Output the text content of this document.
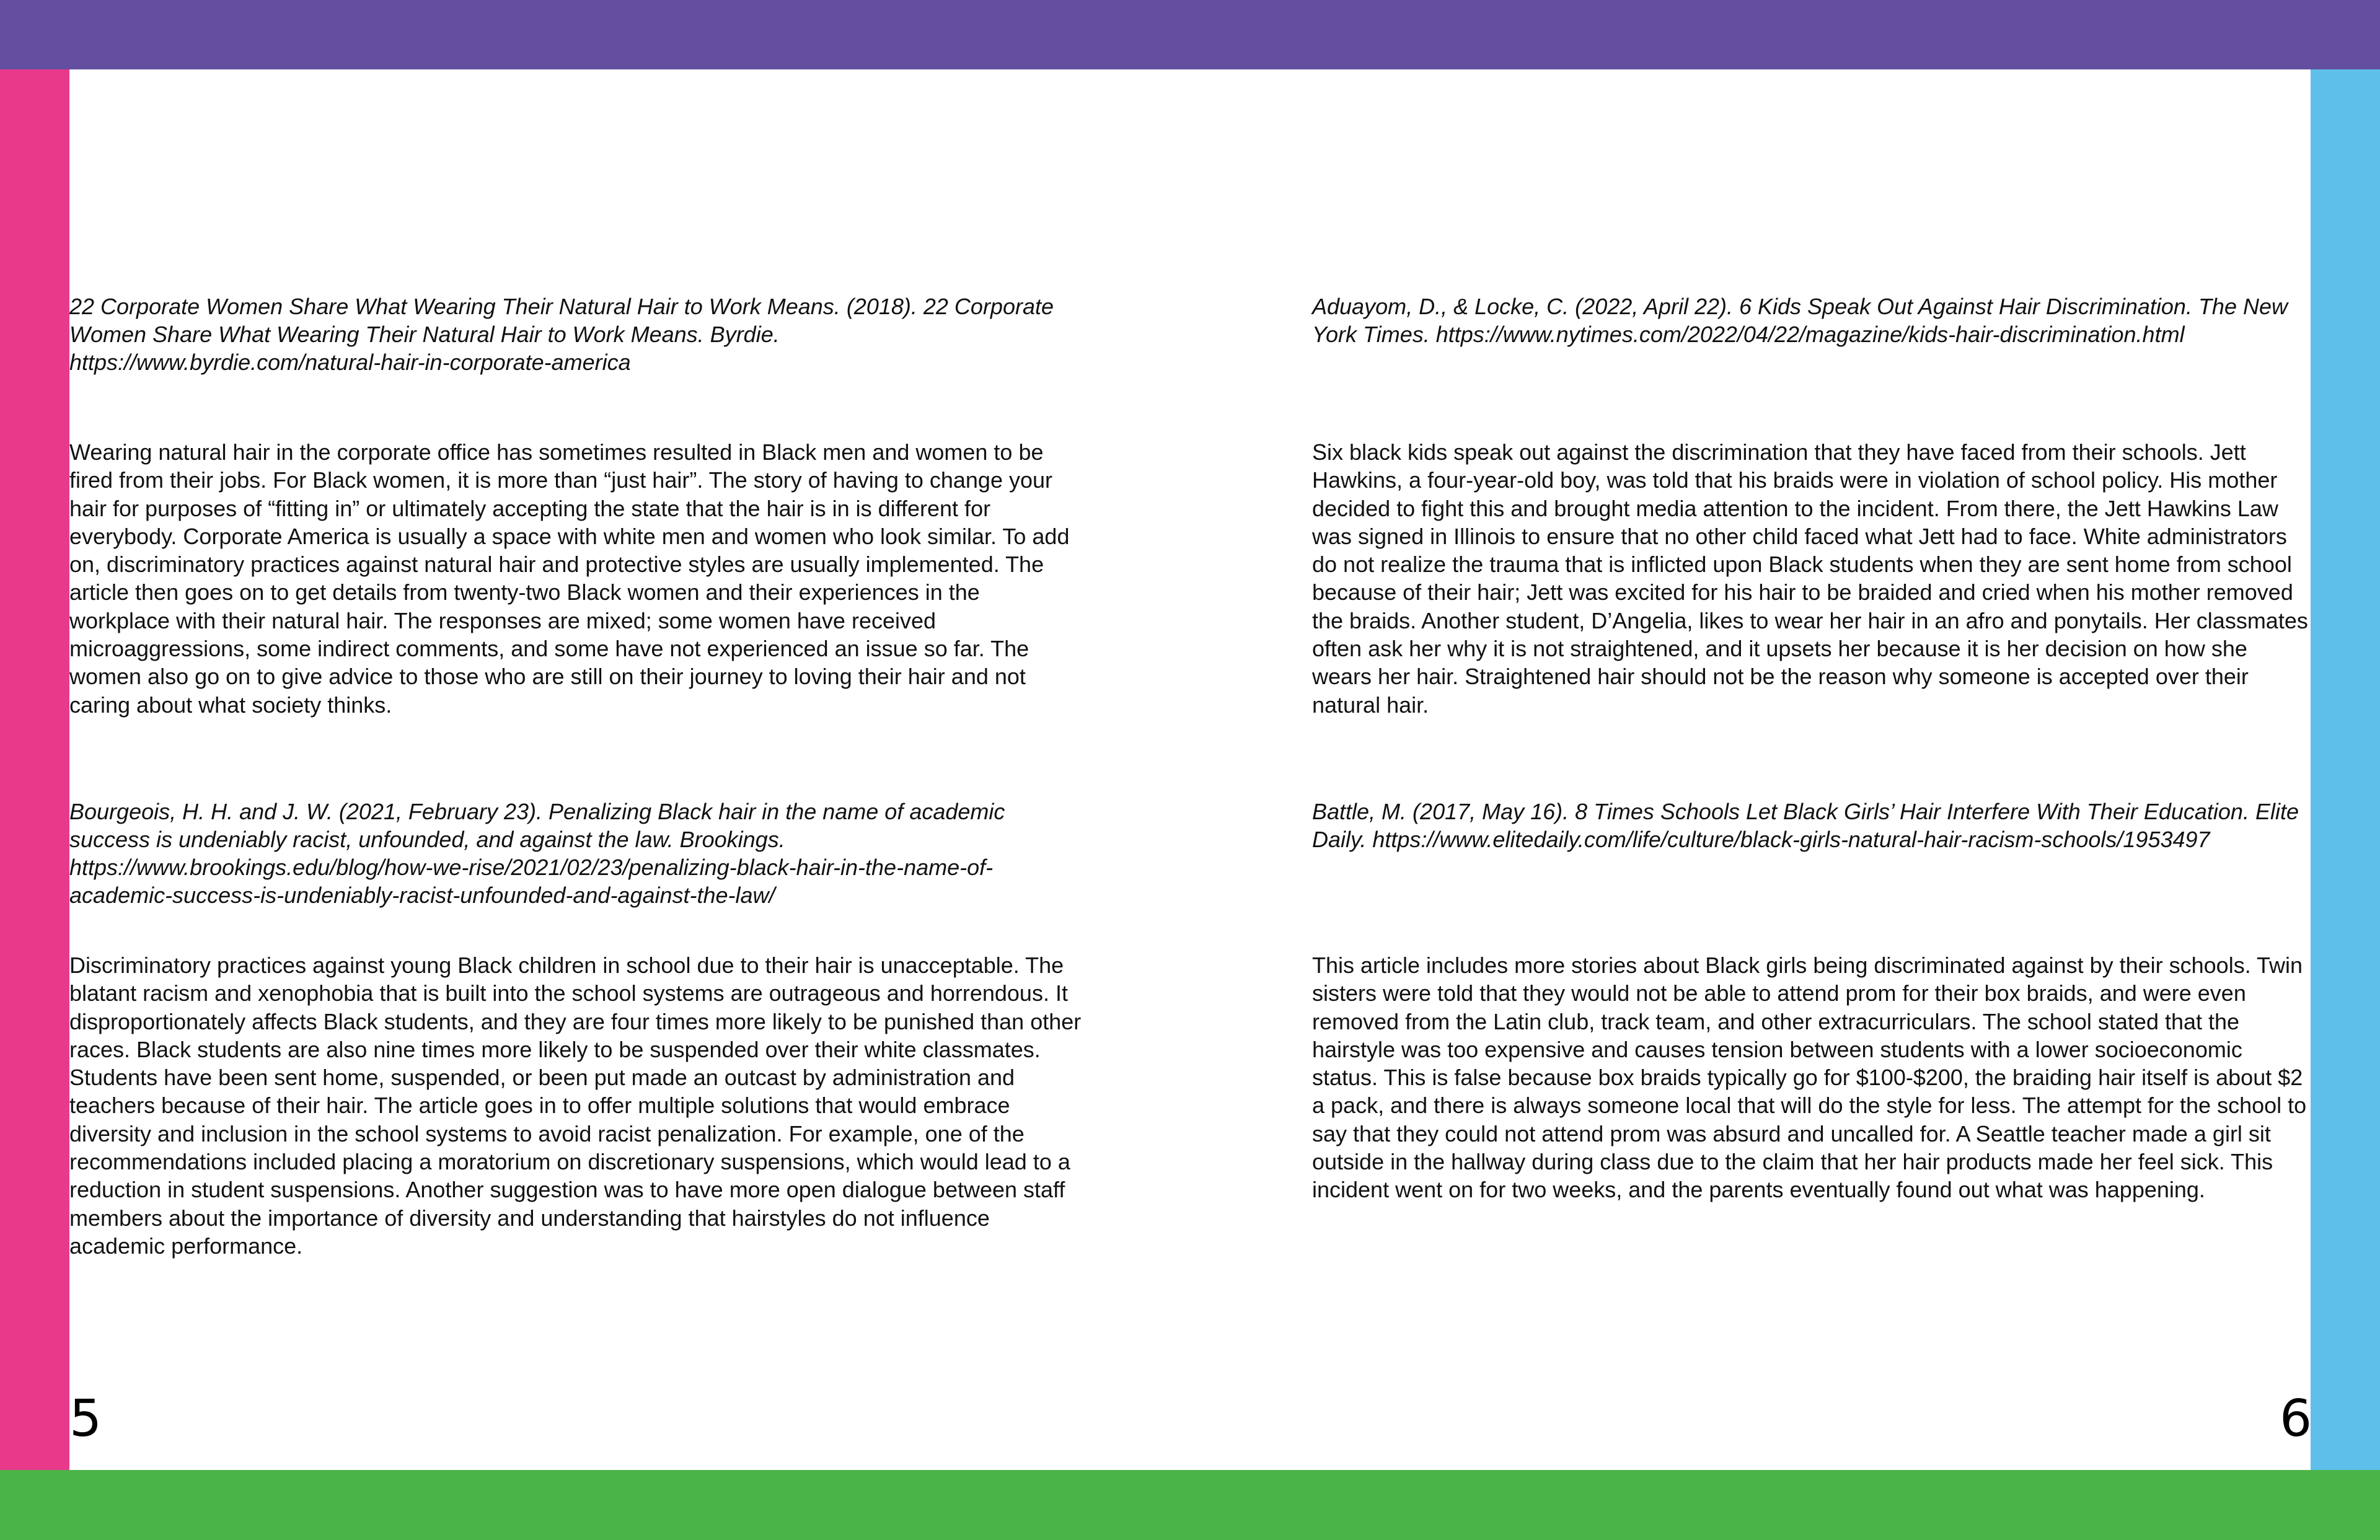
22 Corporate Women Share What Wearing Their Natural Hair to Work Means. (2018). 22 Corporate Women Share What Wearing Their Natural Hair to Work Means. Byrdie. https://www.byrdie.com/natural-hair-in-corporate-america

Wearing natural hair in the corporate office has sometimes resulted in Black men and women to be fired from their jobs. For Black women, it is more than “just hair”. The story of having to change your hair for purposes of “fitting in” or ultimately accepting the state that the hair is in is different for everybody. Corporate America is usually a space with white men and women who look similar. To add on, discriminatory practices against natural hair and protective styles are usually implemented. The article then goes on to get details from twenty-two Black women and their experiences in the workplace with their natural hair. The responses are mixed; some women have received microaggressions, some indirect comments, and some have not experienced an issue so far. The women also go on to give advice to those who are still on their journey to loving their hair and not caring about what society thinks.

Bourgeois, H. H. and J. W. (2021, February 23). Penalizing Black hair in the name of academic success is undeniably racist, unfounded, and against the law. Brookings. https://www.brookings.edu/blog/how-we-rise/2021/02/23/penalizing-black-hair-in-the-name-of-academic-success-is-undeniably-racist-unfounded-and-against-the-law/

Discriminatory practices against young Black children in school due to their hair is unacceptable. The blatant racism and xenophobia that is built into the school systems are outrageous and horrendous. It disproportionately affects Black students, and they are four times more likely to be punished than other races. Black students are also nine times more likely to be suspended over their white classmates. Students have been sent home, suspended, or been put made an outcast by administration and teachers because of their hair. The article goes in to offer multiple solutions that would embrace diversity and inclusion in the school systems to avoid racist penalization. For example, one of the recommendations included placing a moratorium on discretionary suspensions, which would lead to a reduction in student suspensions. Another suggestion was to have more open dialogue between staff members about the importance of diversity and understanding that hairstyles do not influence academic performance.

Aduayom, D., & Locke, C. (2022, April 22). 6 Kids Speak Out Against Hair Discrimination. The New York Times. https://www.nytimes.com/2022/04/22/magazine/kids-hair-discrimination.html

Six black kids speak out against the discrimination that they have faced from their schools. Jett Hawkins, a four-year-old boy, was told that his braids were in violation of school policy. His mother decided to fight this and brought media attention to the incident. From there, the Jett Hawkins Law was signed in Illinois to ensure that no other child faced what Jett had to face. White administrators do not realize the trauma that is inflicted upon Black students when they are sent home from school because of their hair; Jett was excited for his hair to be braided and cried when his mother removed the braids. Another student, D’Angelia, likes to wear her hair in an afro and ponytails. Her classmates often ask her why it is not straightened, and it upsets her because it is her decision on how she wears her hair. Straightened hair should not be the reason why someone is accepted over their natural hair.

Battle, M. (2017, May 16). 8 Times Schools Let Black Girls’ Hair Interfere With Their Education. Elite Daily. https://www.elitedaily.com/life/culture/black-girls-natural-hair-racism-schools/1953497

This article includes more stories about Black girls being discriminated against by their schools. Twin sisters were told that they would not be able to attend prom for their box braids, and were even removed from the Latin club, track team, and other extracurriculars. The school stated that the hairstyle was too expensive and causes tension between students with a lower socioeconomic status. This is false because box braids typically go for $100-$200, the braiding hair itself is about $2 a pack, and there is always someone local that will do the style for less. The attempt for the school to say that they could not attend prom was absurd and uncalled for. A Seattle teacher made a girl sit outside in the hallway during class due to the claim that her hair products made her feel sick. This incident went on for two weeks, and the parents eventually found out what was happening.

5	6
